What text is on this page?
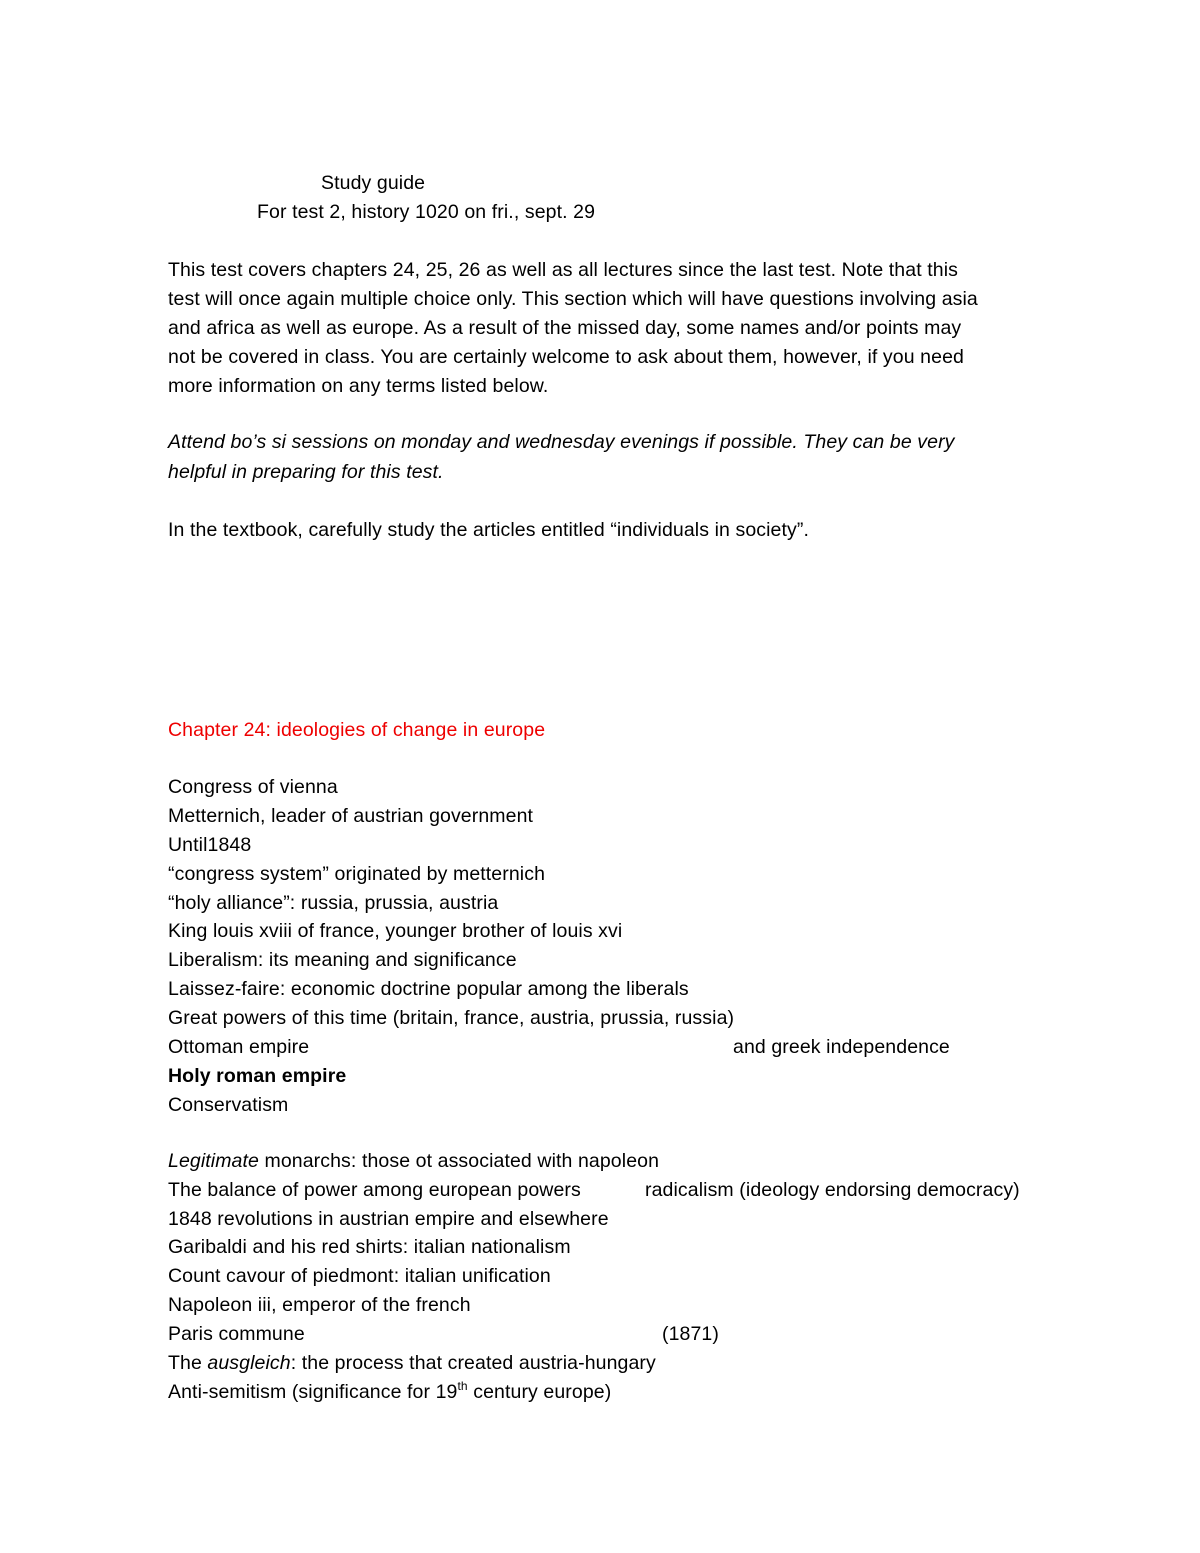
Study guide
For test 2, history 1020 on fri., sept. 29
This test covers chapters 24, 25, 26 as well as all lectures since the last test. Note that this
test will once again multiple choice only. This section which will have questions involving asia
and africa as well as europe. As a result of the missed day, some names and/or points may
not be covered in class. You are certainly welcome to ask about them, however, if you need
more information on any terms listed below.
Attend bo’s si sessions on monday and wednesday evenings if possible. They can be very
helpful in preparing for this test.
In the textbook, carefully study the articles entitled “individuals in society”.
Chapter 24: ideologies of change in europe
Congress of vienna
Metternich, leader of austrian government
Until1848
“congress system” originated by metternich
“holy alliance”: russia, prussia, austria
King louis xviii of france, younger brother of louis xvi
Liberalism: its meaning and significance
Laissez-faire: economic doctrine popular among the liberals
Great powers of this time (britain, france, austria, prussia, russia)
Ottoman empire	and greek independence
Holy roman empire
Conservatism
Legitimate monarchs: those ot associated with napoleon
The balance of power among european powers	radicalism (ideology endorsing democracy)
1848 revolutions in austrian empire and elsewhere
Garibaldi and his red shirts: italian nationalism
Count cavour of piedmont: italian unification
Napoleon iii, emperor of the french
Paris commune	(1871)
The ausgleich: the process that created austria-hungary
Anti-semitism (significance for 19th century europe)
